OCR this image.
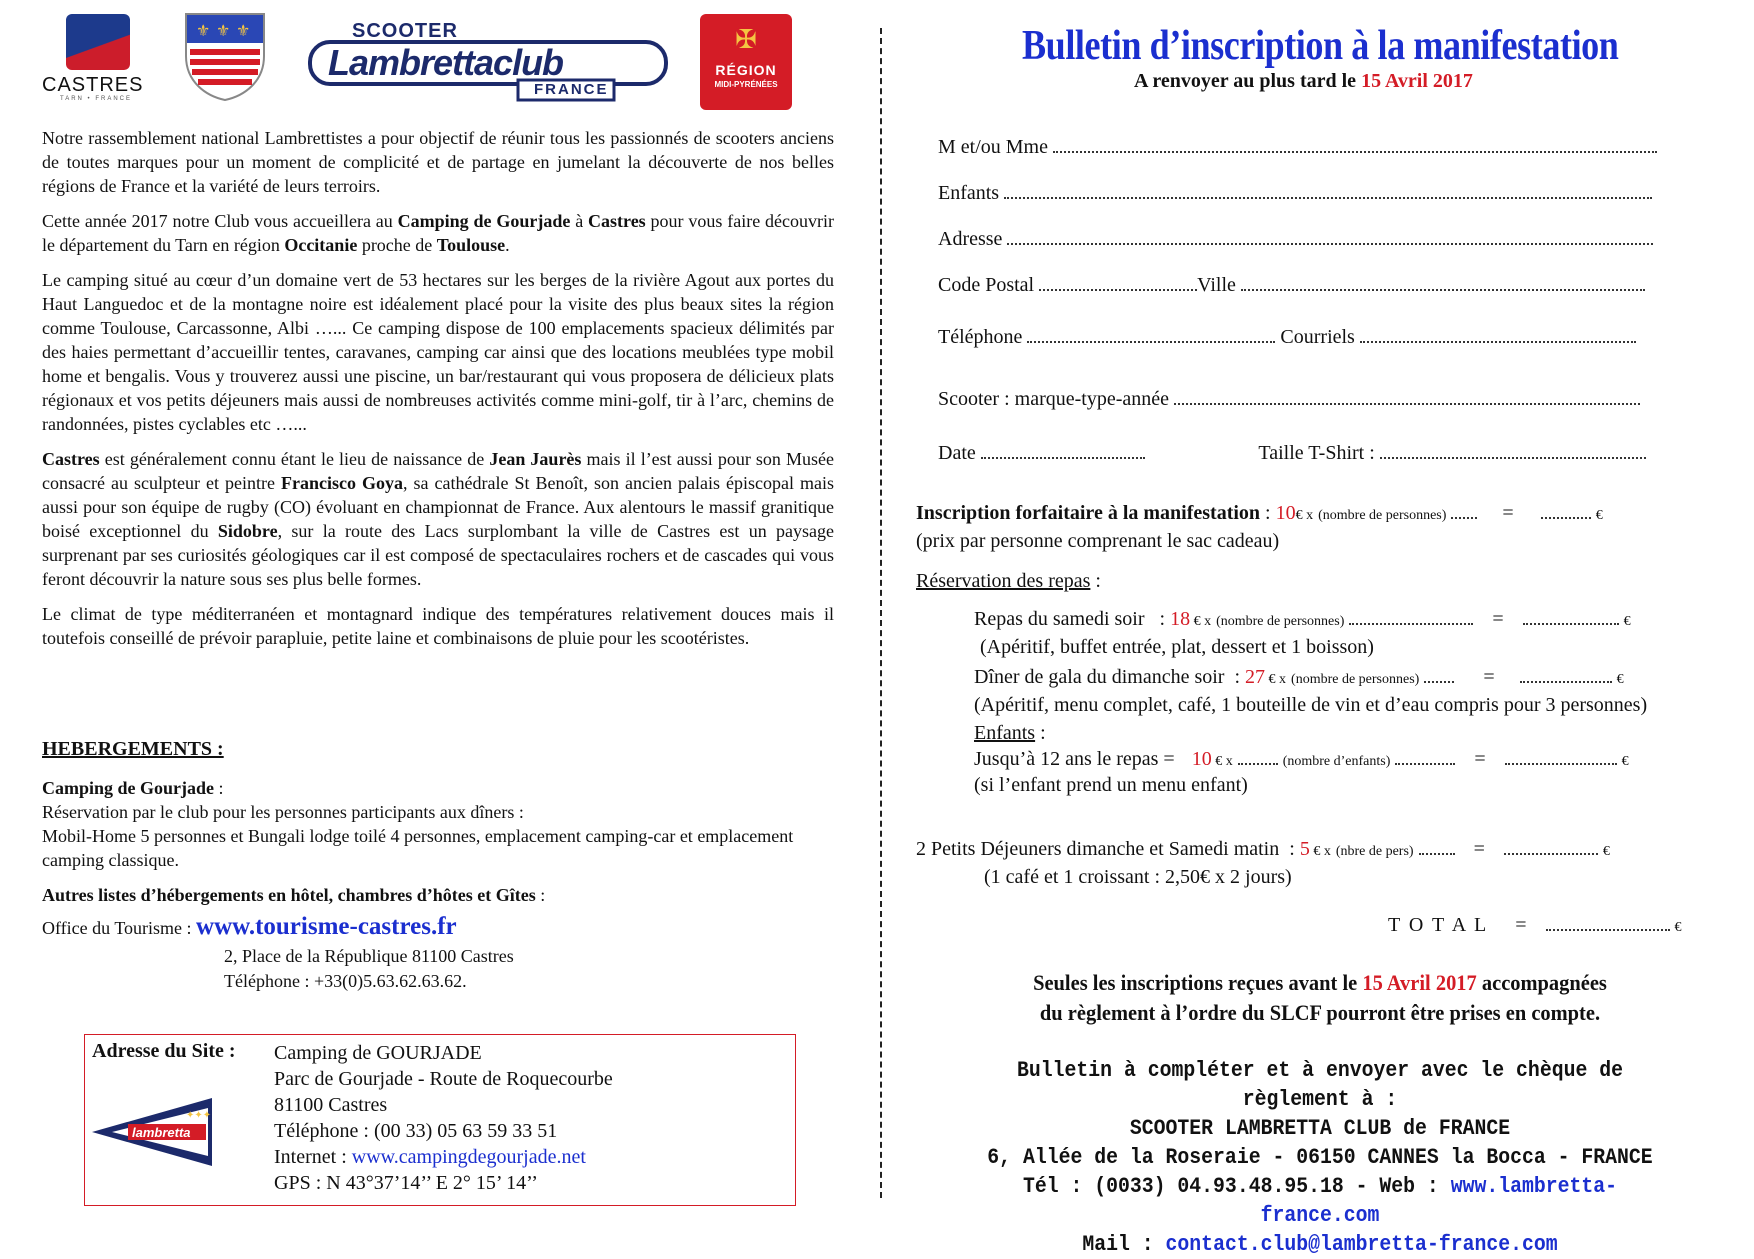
CASTRES
TARN • FRANCE
⚜ ⚜ ⚜	SCOOTER
Lambrettaclub
FRANCE
✠
RÉGION
MIDI-PYRÉNÉES

Notre rassemblement national Lambrettistes a pour objectif de réunir tous les passionnés de scooters anciens de toutes marques pour un moment de complicité et de partage en jumelant la découverte de nos belles régions de France et la variété de leurs terroirs.

Cette année 2017 notre Club vous accueillera au Camping de Gourjade à Castres pour vous faire découvrir le département du Tarn en région Occitanie proche de Toulouse.

Le camping situé au cœur d’un domaine vert de 53 hectares sur les berges de la rivière Agout aux portes du Haut Languedoc et de la montagne noire est idéalement placé pour la visite des plus beaux sites la région comme Toulouse, Carcassonne, Albi …... Ce camping dispose de 100 emplacements spacieux délimités par des haies permettant d’accueillir tentes, caravanes, camping car ainsi que des locations meublées type mobil home et bengalis. Vous y trouverez aussi une piscine, un bar/restaurant qui vous proposera de délicieux plats régionaux et vos petits déjeuners mais aussi de nombreuses activités comme mini-golf, tir à l’arc, chemins de randonnées, pistes cyclables etc …...

Castres est généralement connu étant le lieu de naissance de Jean Jaurès mais il l’est aussi pour son Musée consacré au sculpteur et peintre Francisco Goya, sa cathédrale St Benoît, son ancien palais épiscopal mais aussi pour son équipe de rugby (CO) évoluant en championnat de France. Aux alentours le massif granitique boisé exceptionnel du Sidobre, sur la route des Lacs surplombant la ville de Castres est un paysage surprenant par ses curiosités géologiques car il est composé de spectaculaires rochers et de cascades qui vous feront découvrir la nature sous ses plus belle formes.

Le climat de type méditerranéen et montagnard indique des températures relativement douces mais il toutefois conseillé de prévoir parapluie, petite laine et combinaisons de pluie pour les scootéristes.

HEBERGEMENTS :
Camping de Gourjade :
Réservation par le club pour les personnes participants aux dîners :
Mobil-Home 5 personnes et Bungali lodge toilé 4 personnes, emplacement camping-car et emplacement camping classique.
Autres listes d’hébergements en hôtel, chambres d’hôtes et Gîtes :
Office du Tourisme : www.tourisme-castres.fr
2, Place de la République 81100 Castres
Téléphone : +33(0)5.63.62.63.62.
Adresse du Site : Camping de GOURJADE
Parc de Gourjade - Route de Roquecourbe
81100 Castres
Téléphone : (00 33) 05 63 59 33 51
Internet : www.campingdegourjade.net
GPS : N 43°37’14’’ E 2° 15’ 14’’
lambretta
✦✦✦
Bulletin d’inscription à la manifestation
A renvoyer au plus tard le 15 Avril 2017
M et/ou Mme
Enfants
Adresse
Code Postal	Ville
Téléphone	Courriels
Scooter : marque-type-année
Date	Taille T-Shirt :
Inscription forfaitaire à la manifestation : 10€ x (nombre de personnes)	=	€
(prix par personne comprenant le sac cadeau)
Réservation des repas :
Repas du samedi soir   : 18 € x (nombre de personnes)	=	€
(Apéritif, buffet entrée, plat, dessert et 1 boisson)
Dîner de gala du dimanche soir  : 27 € x (nombre de personnes)	=	€
(Apéritif, menu complet, café, 1 bouteille de vin et d’eau compris pour 3 personnes)
Enfants :
Jusqu’à 12 ans le repas = 10 € x	(nombre d’enfants)	=	€
(si l’enfant prend un menu enfant)
2 Petits Déjeuners dimanche et Samedi matin  : 5 € x (nbre de pers)	=	€
(1 café et 1 croissant : 2,50€ x 2 jours)
T O T A L =	€
Seules les inscriptions reçues avant le 15 Avril 2017 accompagnées
du règlement à l’ordre du SLCF pourront être prises en compte.
Bulletin à compléter et à envoyer avec le chèque de règlement à :
SCOOTER LAMBRETTA CLUB de FRANCE
6, Allée de la Roseraie - 06150 CANNES la Bocca - FRANCE
Tél : (0033) 04.93.48.95.18 - Web : www.lambretta-france.com
Mail : contact.club@lambretta-france.com
